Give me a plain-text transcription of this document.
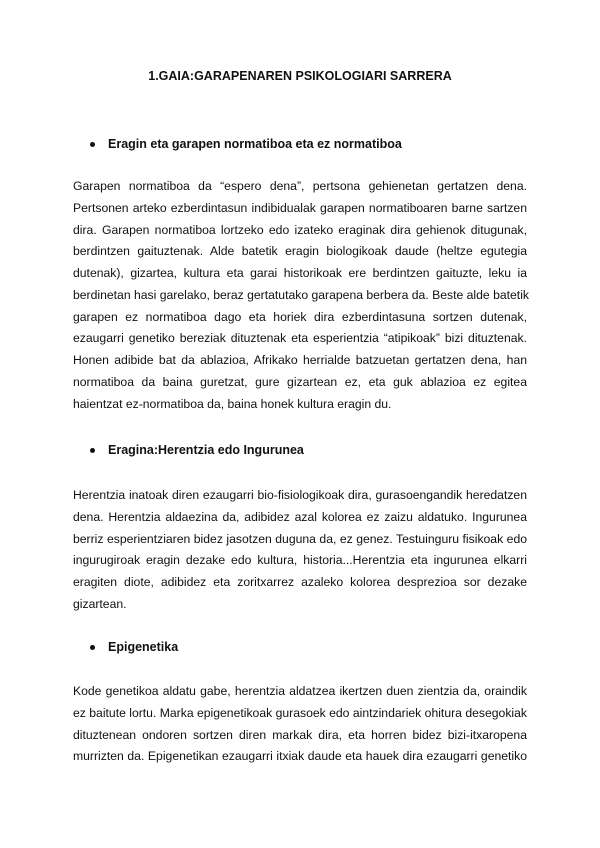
1.GAIA:GARAPENAREN PSIKOLOGIARI SARRERA
Eragin eta garapen normatiboa eta ez normatiboa
Garapen normatiboa da “espero dena”, pertsona gehienetan gertatzen dena.
Pertsonen arteko ezberdintasun indibidualak garapen normatiboaren barne sartzen
dira. Garapen normatiboa lortzeko edo izateko eraginak dira gehienok ditugunak,
berdintzen gaituztenak. Alde batetik eragin biologikoak daude (heltze egutegia
dutenak), gizartea, kultura eta garai historikoak ere berdintzen gaituzte, leku ia
berdinetan hasi garelako, beraz gertatutako garapena berbera da. Beste alde batetik
garapen ez normatiboa dago eta horiek dira ezberdintasuna sortzen dutenak,
ezaugarri genetiko bereziak dituztenak eta esperientzia “atipikoak” bizi dituztenak.
Honen adibide bat da ablazioa, Afrikako herrialde batzuetan gertatzen dena, han
normatiboa da baina guretzat, gure gizartean ez, eta guk ablazioa ez egitea
haientzat ez-normatiboa da, baina honek kultura eragin du.
Eragina:Herentzia edo Ingurunea
Herentzia inatoak diren ezaugarri bio-fisiologikoak dira, gurasoengandik heredatzen
dena. Herentzia aldaezina da, adibidez azal kolorea ez zaizu aldatuko. Ingurunea
berriz esperientziaren bidez jasotzen duguna da, ez genez. Testuinguru fisikoak edo
ingurugiroak eragin dezake edo kultura, historia...Herentzia eta ingurunea elkarri
eragiten diote, adibidez eta zoritxarrez azaleko kolorea desprezioa sor dezake
gizartean.
Epigenetika
Kode genetikoa aldatu gabe, herentzia aldatzea ikertzen duen zientzia da, oraindik
ez baitute lortu. Marka epigenetikoak gurasoek edo aintzindariek ohitura desegokiak
dituztenean ondoren sortzen diren markak dira, eta horren bidez bizi-itxaropena
murrizten da. Epigenetikan ezaugarri itxiak daude eta hauek dira ezaugarri genetiko
